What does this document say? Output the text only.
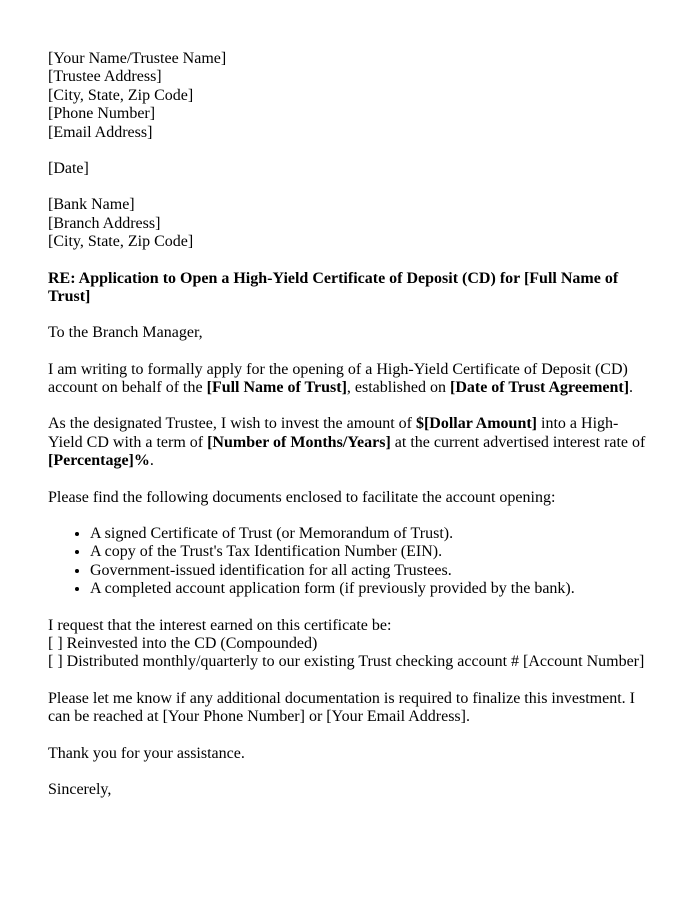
[Your Name/Trustee Name]
[Trustee Address]
[City, State, Zip Code]
[Phone Number]
[Email Address]
[Date]
[Bank Name]
[Branch Address]
[City, State, Zip Code]

RE: Application to Open a High-Yield Certificate of Deposit (CD) for [Full Name of Trust]

To the Branch Manager,

I am writing to formally apply for the opening of a High-Yield Certificate of Deposit (CD) account on behalf of the [Full Name of Trust], established on [Date of Trust Agreement].

As the designated Trustee, I wish to invest the amount of $[Dollar Amount] into a High-Yield CD with a term of [Number of Months/Years] at the current advertised interest rate of [Percentage]%.

Please find the following documents enclosed to facilitate the account opening:

• A signed Certificate of Trust (or Memorandum of Trust).
• A copy of the Trust's Tax Identification Number (EIN).
• Government-issued identification for all acting Trustees.
• A completed account application form (if previously provided by the bank).
I request that the interest earned on this certificate be:
[ ] Reinvested into the CD (Compounded)
[ ] Distributed monthly/quarterly to our existing Trust checking account # [Account Number]

Please let me know if any additional documentation is required to finalize this investment. I can be reached at [Your Phone Number] or [Your Email Address].

Thank you for your assistance.

Sincerely,
